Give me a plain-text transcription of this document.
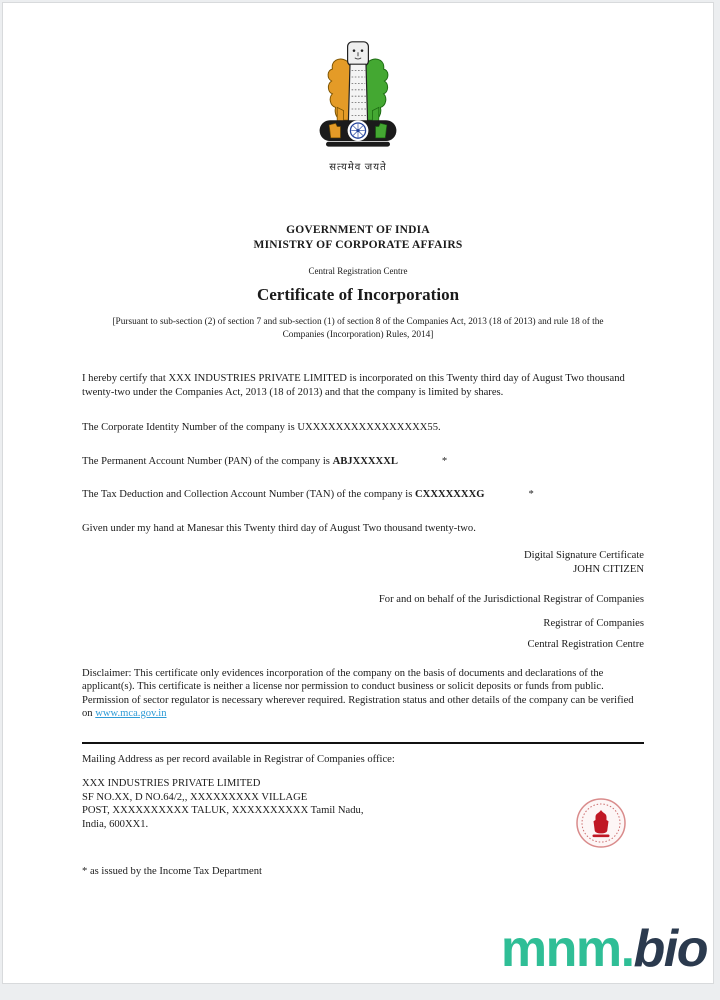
सत्यमेव जयते
GOVERNMENT OF INDIA
MINISTRY OF CORPORATE AFFAIRS
Central Registration Centre
Certificate of Incorporation
[Pursuant to sub-section (2) of section 7 and sub-section (1) of section 8 of the Companies Act, 2013 (18 of 2013) and rule 18 of the Companies (Incorporation) Rules, 2014]

I hereby certify that XXX INDUSTRIES PRIVATE LIMITED is incorporated on this Twenty third day of August Two thousand twenty-two under the Companies Act, 2013 (18 of 2013) and that the company is limited by shares.

The Corporate Identity Number of the company is UXXXXXXXXXXXXXXXX55.

The Permanent Account Number (PAN) of the company is ABJXXXXXL	*

The Tax Deduction and Collection Account Number (TAN) of the company is CXXXXXXXG	*

Given under my hand at Manesar this Twenty third day of August Two thousand twenty-two.

Digital Signature Certificate

JOHN CITIZEN

For and on behalf of the Jurisdictional Registrar of Companies

Registrar of Companies

Central Registration Centre

Disclaimer: This certificate only evidences incorporation of the company on the basis of documents and declarations of the applicant(s). This certificate is neither a license nor permission to conduct business or solicit deposits or funds from public. Permission of sector regulator is necessary wherever required. Registration status and other details of the company can be verified on www.mca.gov.in

Mailing Address as per record available in Registrar of Companies office:

XXX INDUSTRIES PRIVATE LIMITED

SF NO.XX, D NO.64/2,, XXXXXXXXX VILLAGE

POST, XXXXXXXXXX TALUK, XXXXXXXXXX Tamil Nadu,

India, 600XX1.

* as issued by the Income Tax Department

mnm.bio
